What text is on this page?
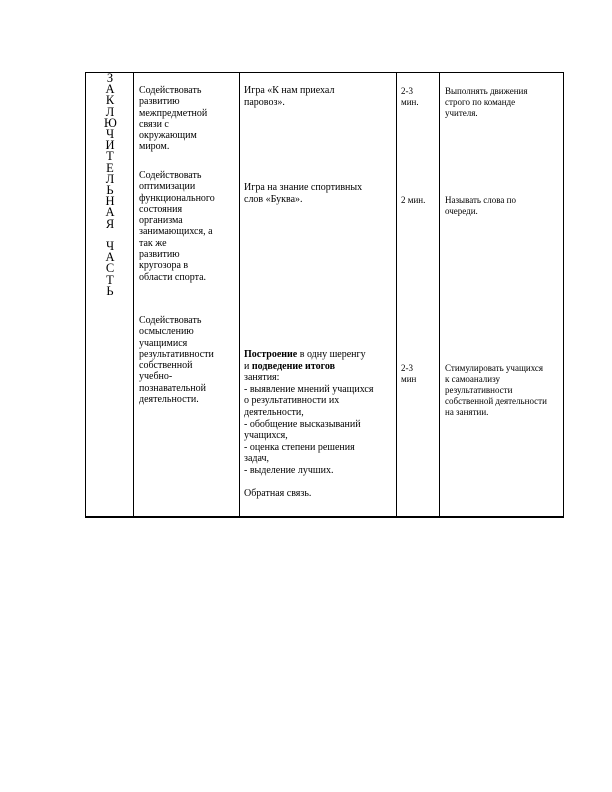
З
А
К
Л
Ю
Ч
И
Т
Е
Л
Ь
Н
А
Я
Ч
А
С
Т
Ь
Содействовать
развитию
межпредметной
связи с
окружающим
миром.
Игра «К нам приехал
паровоз».
2-3
мин.
Выполнять движения
строго по команде
учителя.
Содействовать
оптимизации
функционального
состояния
организма
занимающихся, а
так же
развитию
кругозора в
области спорта.
Игра на знание спортивных
слов «Буква».	2 мин.	Называть слова по
очереди.
Содействовать
осмыслению
учащимися
результативности
собственной
учебно-
познавательной
деятельности.
Построение в одну шеренгу
и подведение итогов
занятия:
- выявление мнений учащихся
о результативности их
деятельности,
- обобщение высказываний
учащихся,
- оценка степени решения
задач,
- выделение лучших.
Обратная связь.
2-3
мин
Стимулировать учащихся
к самоанализу
результативности
собственной деятельности
на занятии.
